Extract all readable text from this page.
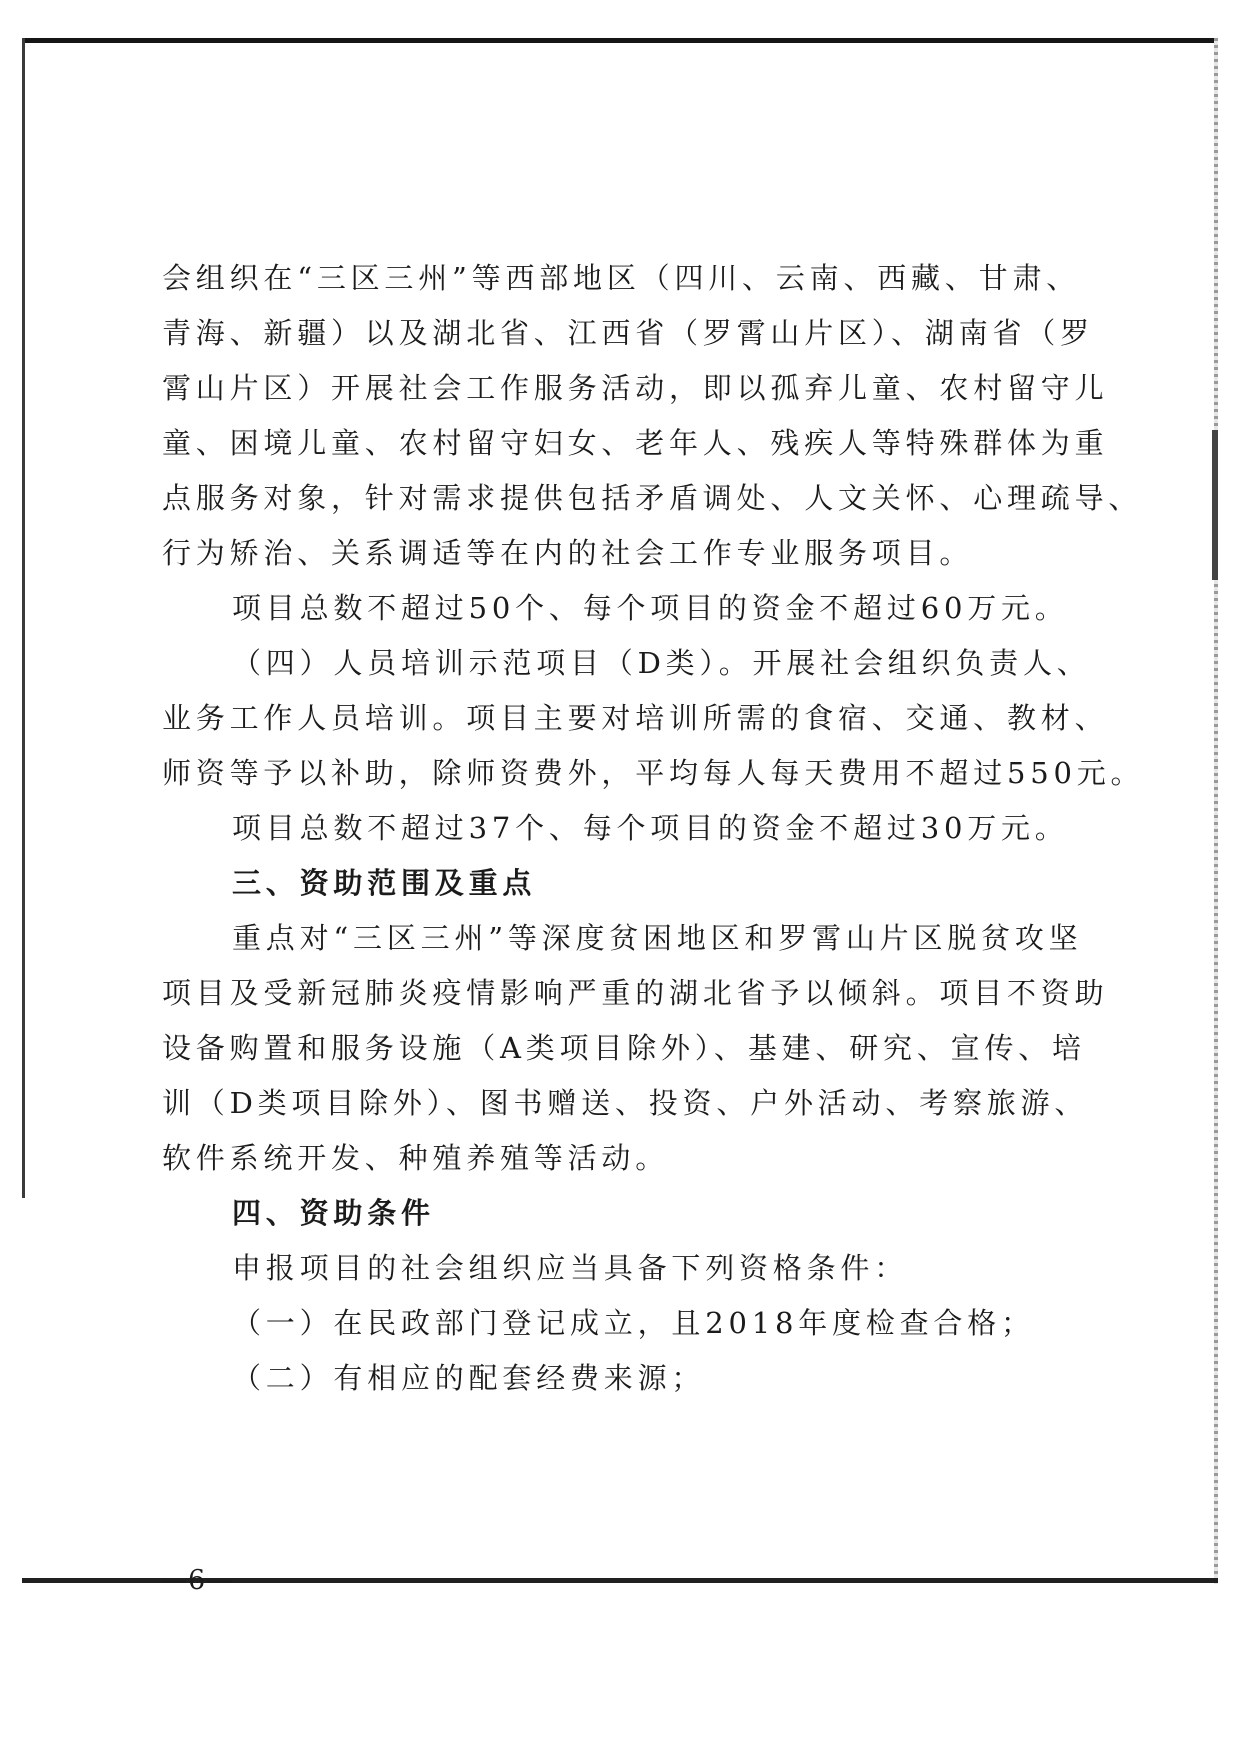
会组织在“三区三州”等西部地区（四川、云南、西藏、甘肃、
青海、新疆）以及湖北省、江西省（罗霄山片区）、湖南省（罗
霄山片区）开展社会工作服务活动，即以孤弃儿童、农村留守儿
童、困境儿童、农村留守妇女、老年人、残疾人等特殊群体为重
点服务对象，针对需求提供包括矛盾调处、人文关怀、心理疏导、
行为矫治、关系调适等在内的社会工作专业服务项目。
项目总数不超过50个、每个项目的资金不超过60万元。
（四）人员培训示范项目（D类）。开展社会组织负责人、
业务工作人员培训。项目主要对培训所需的食宿、交通、教材、
师资等予以补助，除师资费外，平均每人每天费用不超过550元。
项目总数不超过37个、每个项目的资金不超过30万元。
三、资助范围及重点
重点对“三区三州”等深度贫困地区和罗霄山片区脱贫攻坚
项目及受新冠肺炎疫情影响严重的湖北省予以倾斜。项目不资助
设备购置和服务设施（A类项目除外）、基建、研究、宣传、培
训（D类项目除外）、图书赠送、投资、户外活动、考察旅游、
软件系统开发、种殖养殖等活动。
四、资助条件
申报项目的社会组织应当具备下列资格条件：
（一）在民政部门登记成立，且2018年度检查合格；
（二）有相应的配套经费来源；
—6—
